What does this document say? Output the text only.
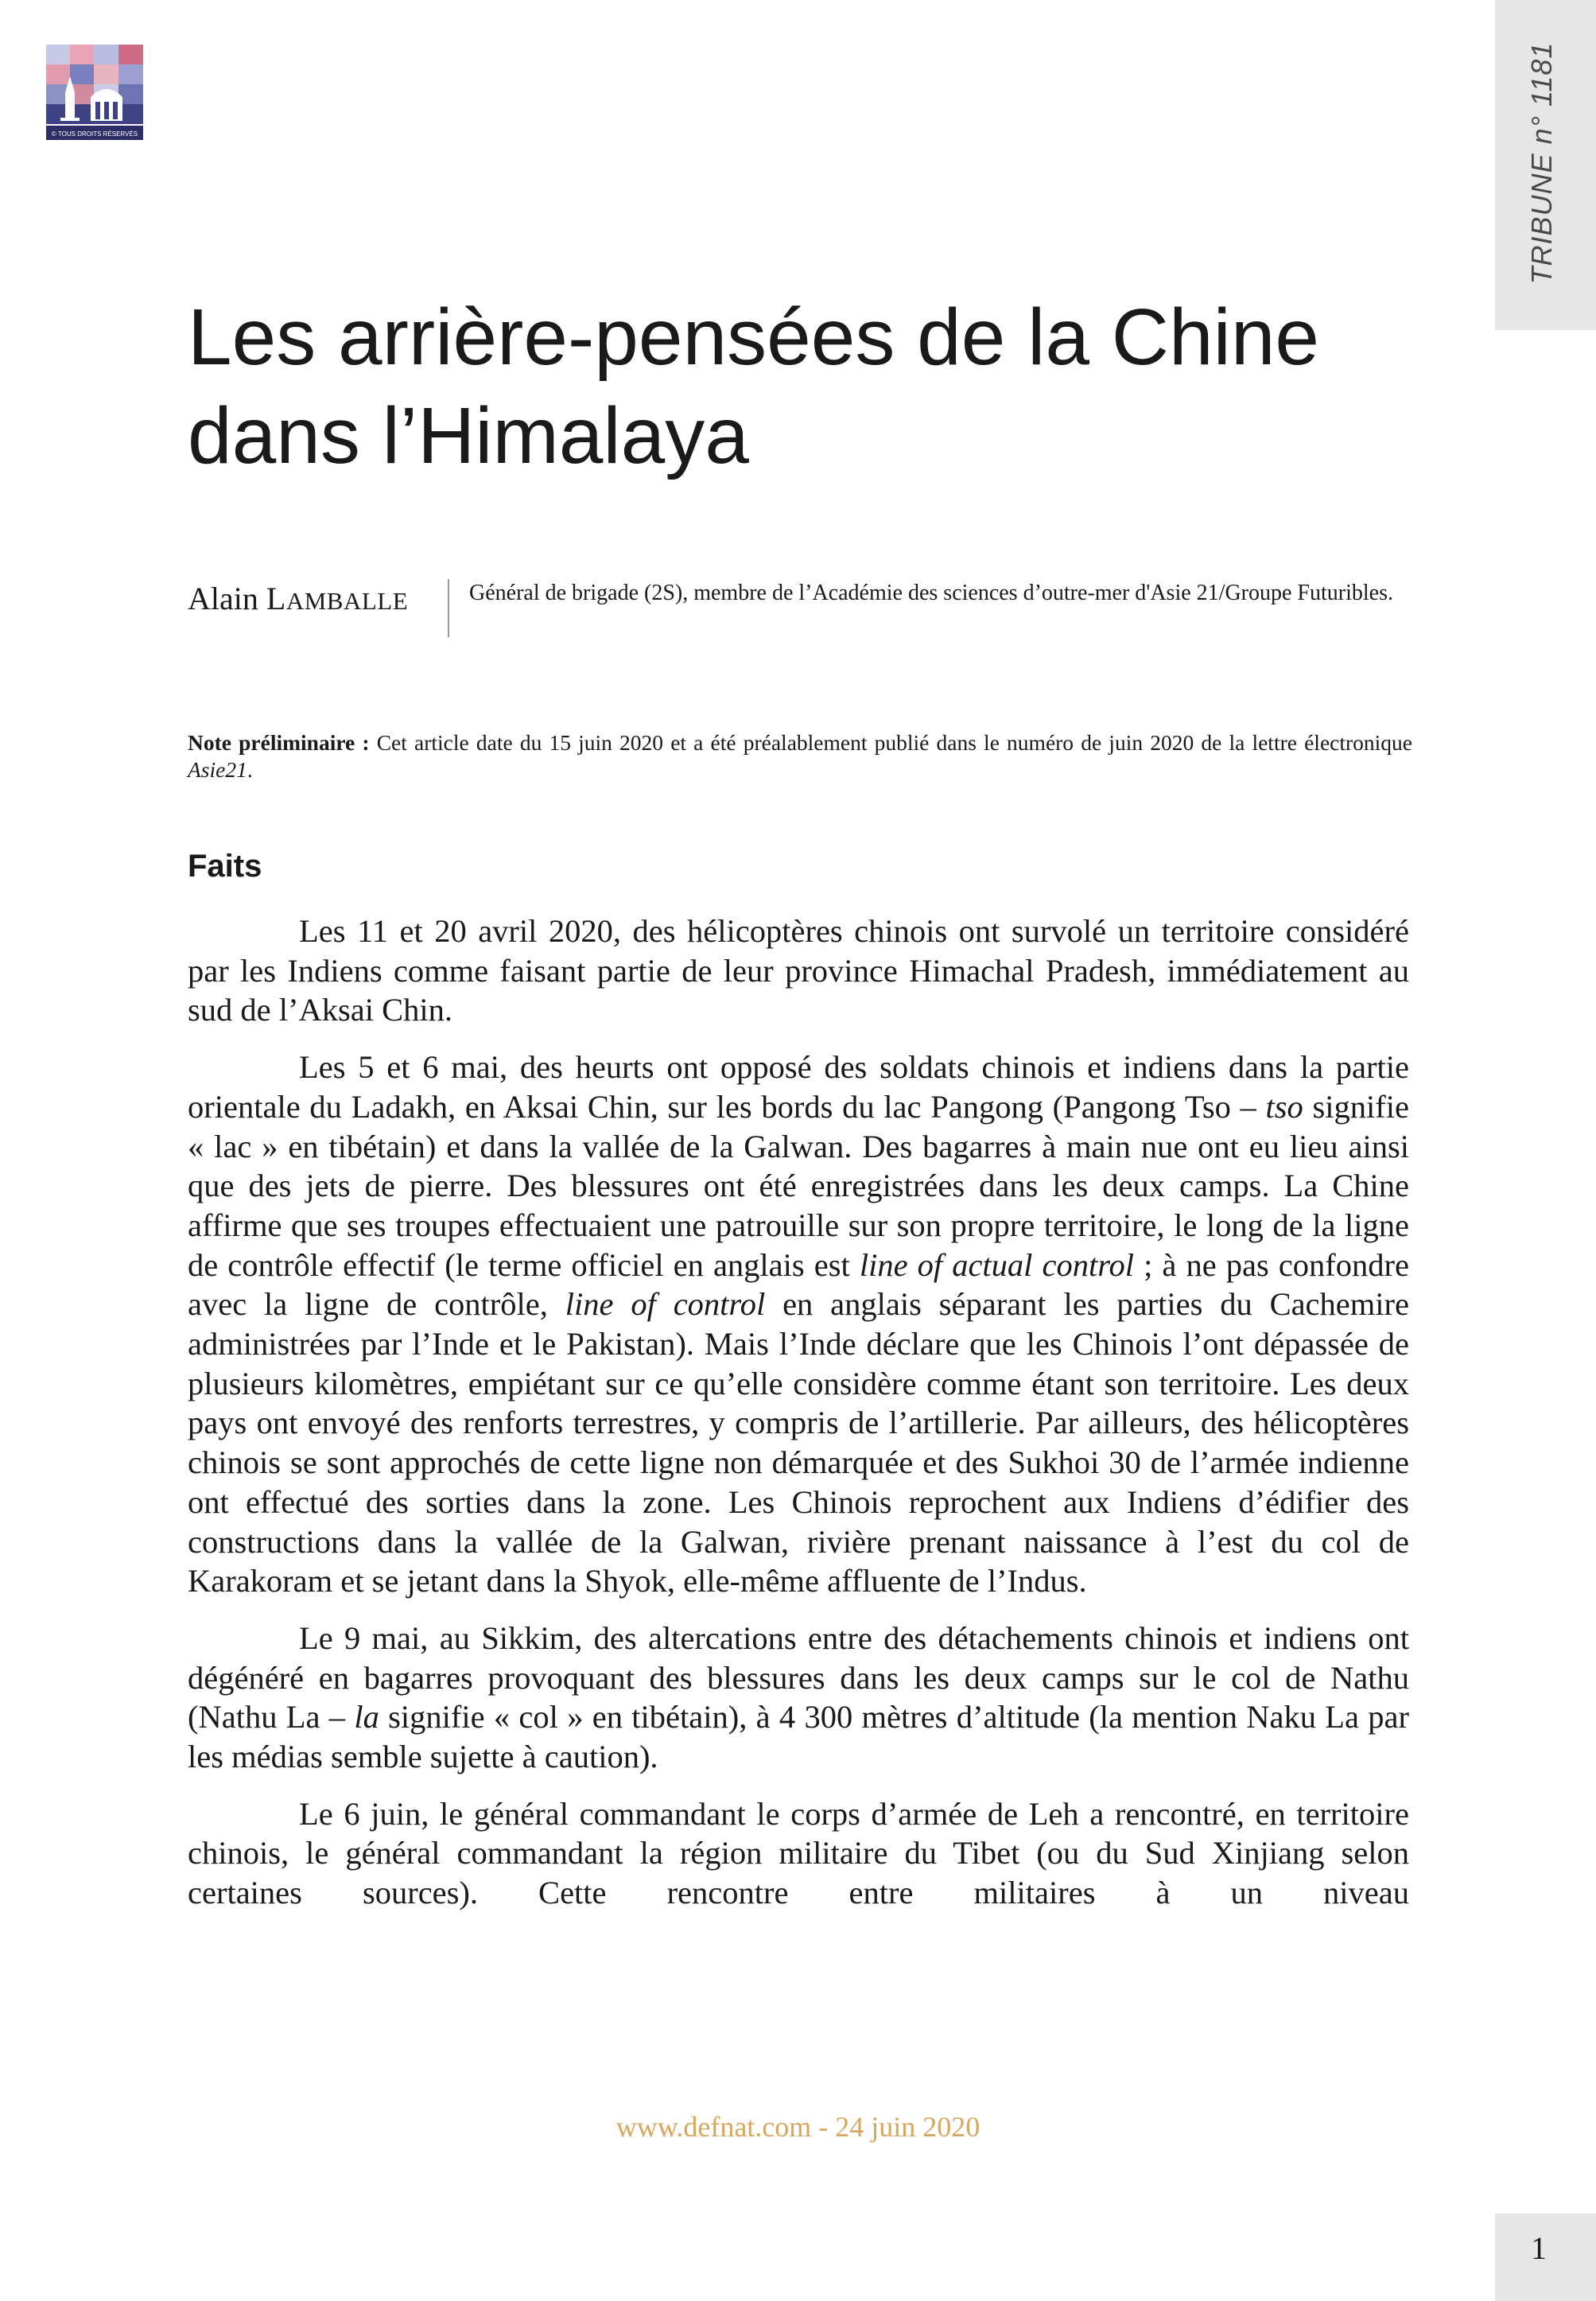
© TOUS DROITS RÉSERVÉS	TRIBUNE n° 1181
Les arrière-pensées de la Chine
dans l’Himalaya
Alain LAMBALLE	Général de brigade (2S), membre de l’Académie des sciences d’outre-mer d'Asie 21/Groupe Futuribles.
Note préliminaire : Cet article date du 15 juin 2020 et a été préalablement publié dans le numéro de juin 2020 de la lettre électronique Asie21.
Faits

Les 11 et 20 avril 2020, des hélicoptères chinois ont survolé un territoire considéré par les Indiens comme faisant partie de leur province Himachal Pradesh, immédiatement au sud de l’Aksai Chin.

Les 5 et 6 mai, des heurts ont opposé des soldats chinois et indiens dans la partie orientale du Ladakh, en Aksai Chin, sur les bords du lac Pangong (Pangong Tso – tso signifie « lac » en tibétain) et dans la vallée de la Galwan. Des bagarres à main nue ont eu lieu ainsi que des jets de pierre. Des blessures ont été enregistrées dans les deux camps. La Chine affirme que ses troupes effectuaient une patrouille sur son propre territoire, le long de la ligne de contrôle effectif (le terme officiel en anglais est line of actual control ; à ne pas confondre avec la ligne de contrôle, line of control en anglais séparant les parties du Cachemire administrées par l’Inde et le Pakistan). Mais l’Inde déclare que les Chinois l’ont dépassée de plusieurs kilomètres, empiétant sur ce qu’elle considère comme étant son territoire. Les deux pays ont envoyé des renforts terrestres, y compris de l’artillerie. Par ailleurs, des hélicoptères chinois se sont approchés de cette ligne non démarquée et des Sukhoi 30 de l’armée indienne ont effectué des sorties dans la zone. Les Chinois reprochent aux Indiens d’édifier des constructions dans la vallée de la Galwan, rivière prenant naissance à l’est du col de Karakoram et se jetant dans la Shyok, elle-même affluente de l’Indus.

Le 9 mai, au Sikkim, des altercations entre des détachements chinois et indiens ont dégénéré en bagarres provoquant des blessures dans les deux camps sur le col de Nathu (Nathu La – la signifie « col » en tibétain), à 4 300 mètres d’altitude (la mention Naku La par les médias semble sujette à caution).

Le 6 juin, le général commandant le corps d’armée de Leh a rencontré, en territoire chinois, le général commandant la région militaire du Tibet (ou du Sud Xinjiang selon certaines sources). Cette rencontre entre militaires à un niveau

www.defnat.com - 24 juin 2020
1
